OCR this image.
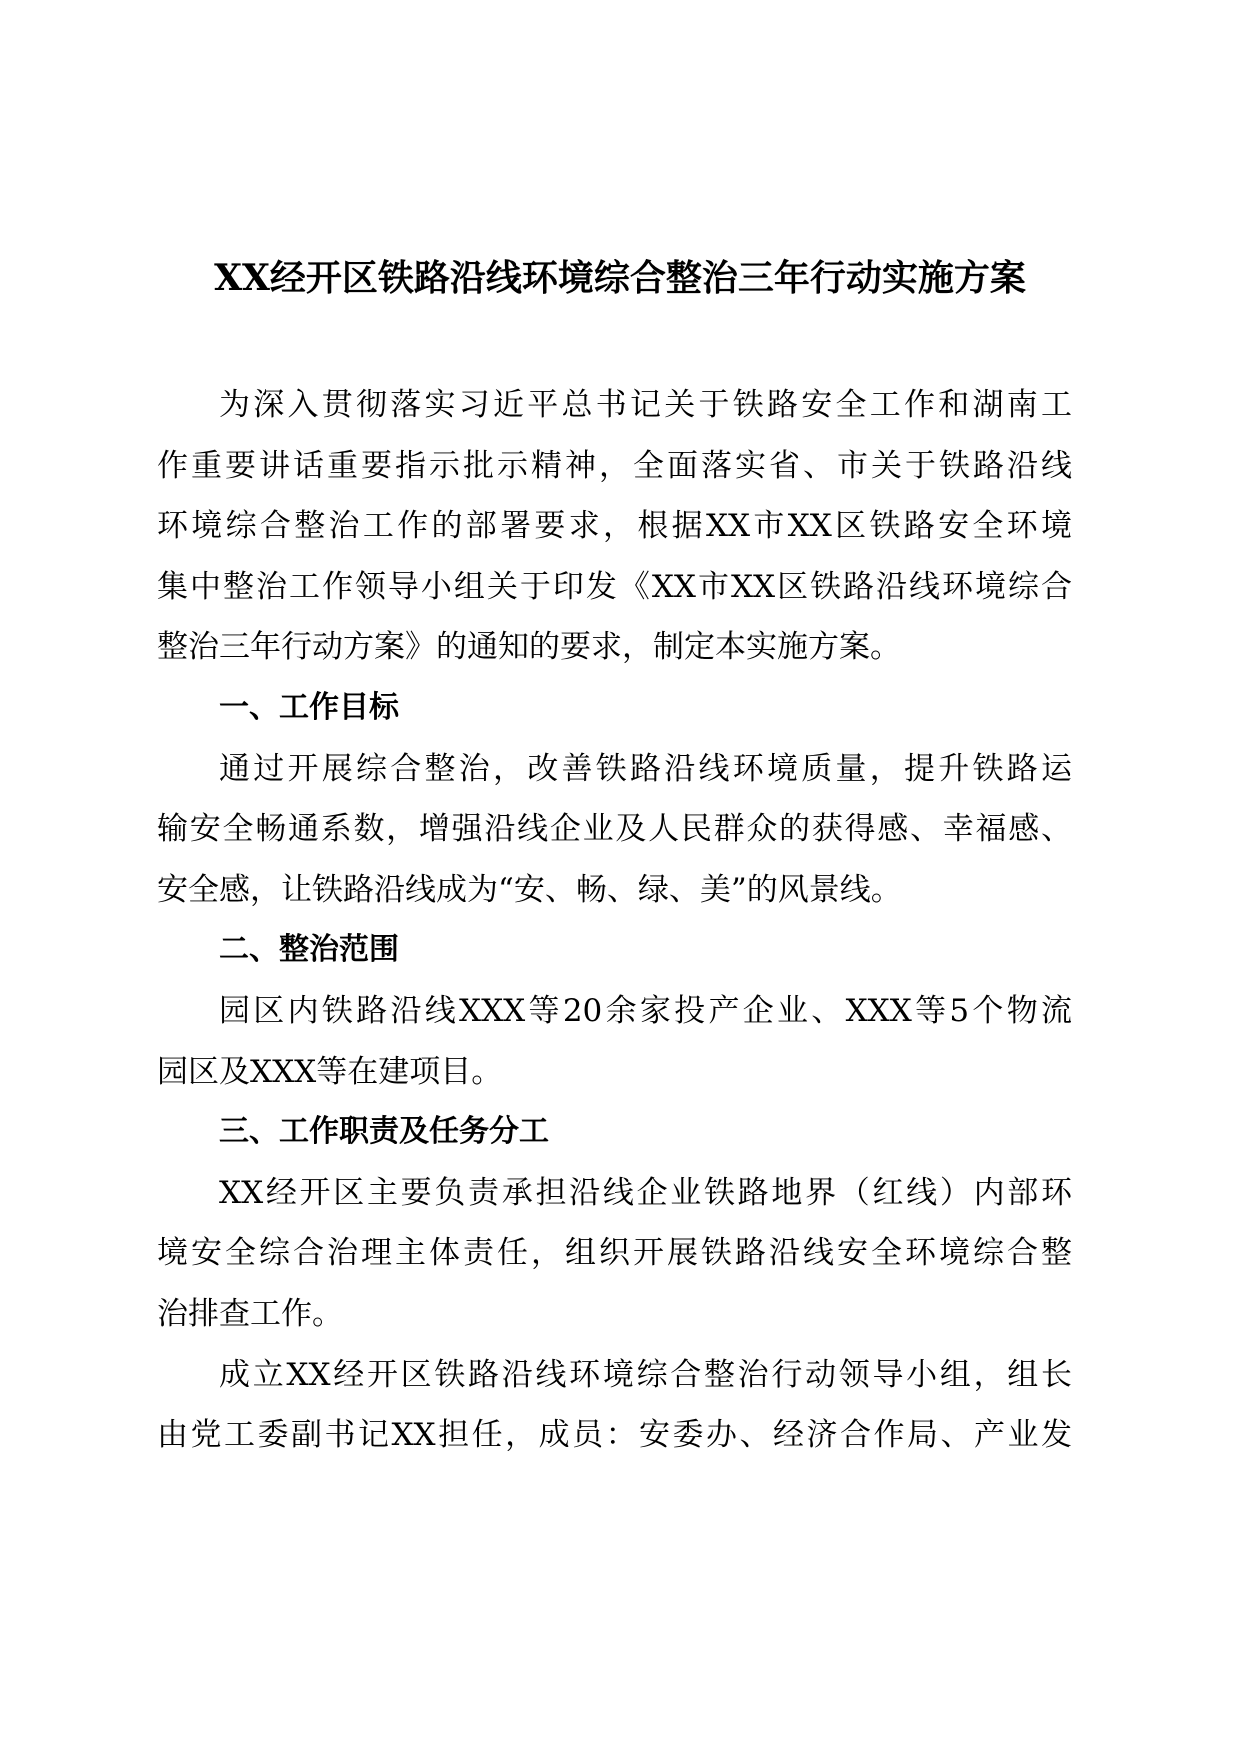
XX经开区铁路沿线环境综合整治三年行动实施方案
为深入贯彻落实习近平总书记关于铁路安全工作和湖南工
作重要讲话重要指示批示精神，全面落实省、市关于铁路沿线
环境综合整治工作的部署要求，根据XX市XX区铁路安全环境
集中整治工作领导小组关于印发《XX市XX区铁路沿线环境综合
整治三年行动方案》的通知的要求，制定本实施方案。
一、工作目标
通过开展综合整治，改善铁路沿线环境质量，提升铁路运
输安全畅通系数，增强沿线企业及人民群众的获得感、幸福感、
安全感，让铁路沿线成为“安、畅、绿、美”的风景线。
二、整治范围
园区内铁路沿线XXX等20余家投产企业、XXX等5个物流
园区及XXX等在建项目。
三、工作职责及任务分工
XX经开区主要负责承担沿线企业铁路地界（红线）内部环
境安全综合治理主体责任，组织开展铁路沿线安全环境综合整
治排查工作。
成立XX经开区铁路沿线环境综合整治行动领导小组，组长
由党工委副书记XX担任，成员：安委办、经济合作局、产业发
